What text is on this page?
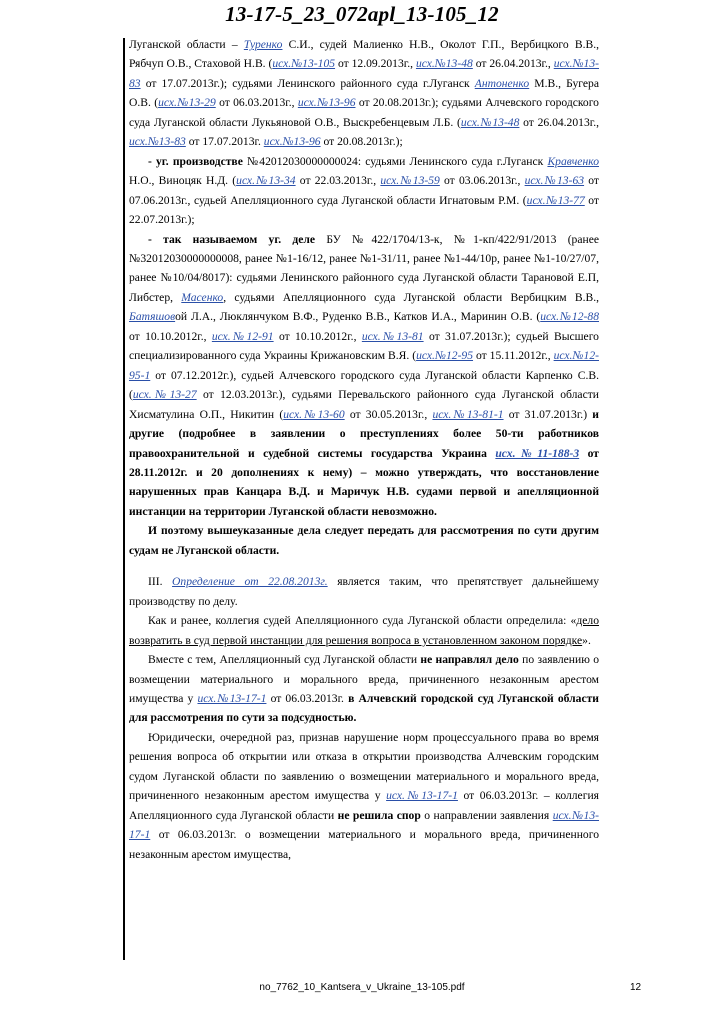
13-17-5_23_072apl_13-105_12

Луганской области – Туренко С.И., судей Малиенко Н.В., Околот Г.П., Вербицкого В.В., Рябчуп О.В., Стаховой Н.В. (исх.№13-105 от 12.09.2013г., исх.№13-48 от 26.04.2013г., исх.№13-83 от 17.07.2013г.); судьями Ленинского районного суда г.Луганск Антоненко М.В., Бугера О.В. (исх.№13-29 от 06.03.2013г., исх.№13-96 от 20.08.2013г.); судьями Алчевского городского суда Луганской области Лукьяновой О.В., Выскребенцевым Л.Б. (исх.№13-48 от 26.04.2013г., исх.№13-83 от 17.07.2013г. исх.№13-96 от 20.08.2013г.);

- уг. производстве №42012030000000024: судьями Ленинского суда г.Луганск Кравченко Н.О., Виноцяк Н.Д. (исх.№13-34 от 22.03.2013г., исх.№13-59 от 03.06.2013г., исх.№13-63 от 07.06.2013г., судьей Апелляционного суда Луганской области Игнатовым Р.М. (исх.№13-77 от 22.07.2013г.);

- так называемом уг. деле БУ №422/1704/13-к, №1-кп/422/91/2013 (ранее №32012030000000008, ранее №1-16/12, ранее №1-31/11, ранее №1-44/10р, ранее №1-10/27/07, ранее №10/04/8017): судьями Ленинского районного суда Луганской области Тарановой Е.П, Либстер, Масенко, судьями Апелляционного суда Луганской области Вербицким В.В., Батяшовой Л.А., Люклянчуком В.Ф., Руденко В.В., Катков И.А., Маринин О.В. (исх.№12-88 от 10.10.2012г., исх.№12-91 от 10.10.2012г., исх.№13-81 от 31.07.2013г.); судьей Высшего специализированного суда Украины Крижановским В.Я. (исх.№12-95 от 15.11.2012г., исх.№12-95-1 от 07.12.2012г.), судьей Алчевского городского суда Луганской области Карпенко С.В.(исх.№13-27 от 12.03.2013г.), судьями Перевальского районного суда Луганской области Хисматулина О.П., Никитин (исх.№13-60 от 30.05.2013г., исх.№13-81-1 от 31.07.2013г.) и другие (подробнее в заявлении о преступлениях более 50-ти работников правоохранительной и судебной системы государства Украина исх.№11-188-3 от 28.11.2012г. и 20 дополнениях к нему) – можно утверждать, что восстановление нарушенных прав Канцара В.Д. и Маричук Н.В. судами первой и апелляционной инстанции на территории Луганской области невозможно.

И поэтому вышеуказанные дела следует передать для рассмотрения по сути другим судам не Луганской области.

III. Определение от 22.08.2013г. является таким, что препятствует дальнейшему производству по делу.

Как и ранее, коллегия судей Апелляционного суда Луганской области определила: «дело возвратить в суд первой инстанции для решения вопроса в установленном законом порядке».

Вместе с тем, Апелляционный суд Луганской области не направлял дело по заявлению о возмещении материального и морального вреда, причиненного незаконным арестом имущества у исх.№13-17-1 от 06.03.2013г. в Алчевский городской суд Луганской области для рассмотрения по сути за подсудностью.

Юридически, очередной раз, признав нарушение норм процессуального права во время решения вопроса об открытии или отказа в открытии производства Алчевским городским судом Луганской области по заявлению о возмещении материального и морального вреда, причиненного незаконным арестом имущества у исх.№13-17-1 от 06.03.2013г. – коллегия Апелляционного суда Луганской области не решила спор о направлении заявления исх.№13-17-1 от 06.03.2013г. о возмещении материального и морального вреда, причиненного незаконным арестом имущества,

no_7762_10_Kantsera_v_Ukraine_13-105.pdf	12
